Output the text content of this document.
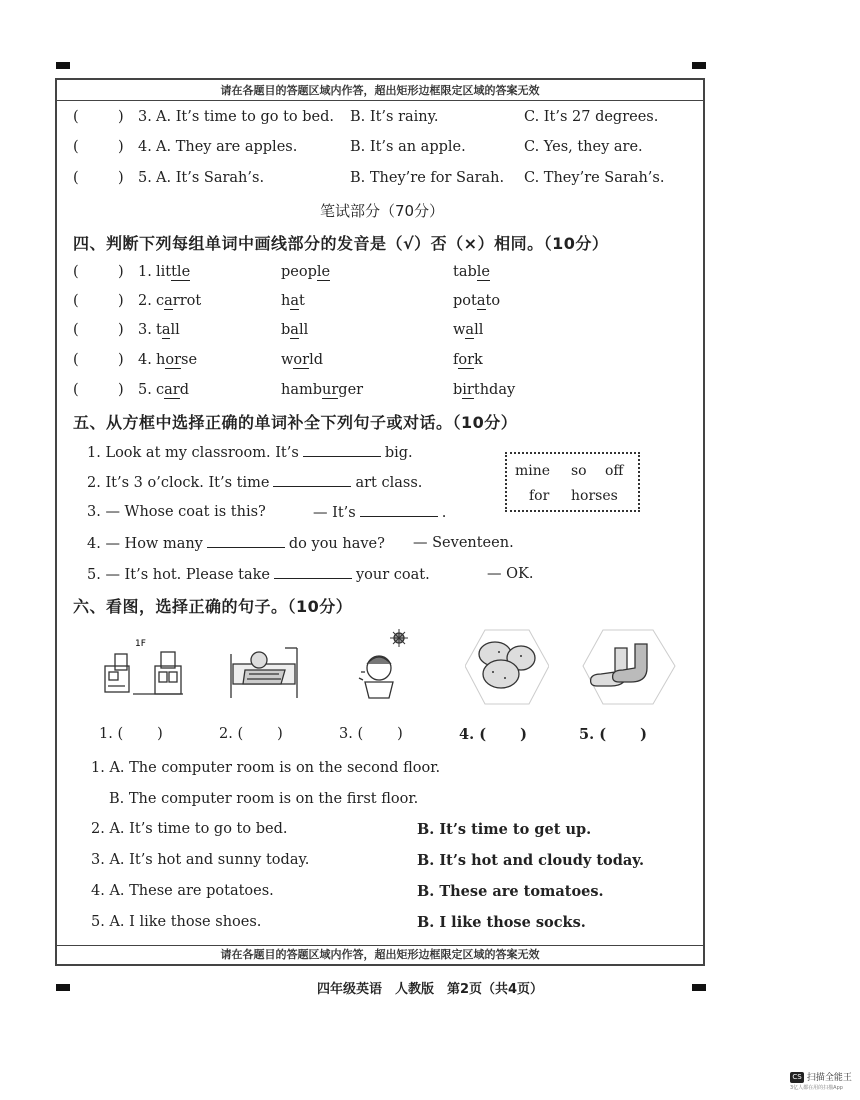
请在各题目的答题区域内作答，超出矩形边框限定区域的答案无效
(	) 3. A. It’s time to go to bed. B. It’s rainy.	C. It’s 27 degrees.
(	) 4. A. They are apples.	B. It’s an apple.	C. Yes, they are.
(	) 5. A. It’s Sarah’s.	B. They’re for Sarah. C. They’re Sarah’s.
笔试部分（70分）
四、判断下列每组单词中画线部分的发音是（√）否（×）相同。（10分）
(	) 1. little	people	table
(	) 2. carrot	hat	potato
(	) 3. tall	ball	wall
(	) 4. horse	world	fork
(	) 5. card	hamburger	birthday
五、从方框中选择正确的单词补全下列句子或对话。（10分）
1. Look at my classroom. It’s	big.
2. It’s 3 o’clock. It’s time	art class.
3. — Whose coat is this?	— It’s	.
4. — How many	do you have? — Seventeen.
5. — It’s hot. Please take	your coat.	— OK.
mine so off
for horses
六、看图，选择正确的句子。（10分）
1F
1. ( )	2. ( )	3. ( )	4. ( )	5. ( )
1. A. The computer room is on the second floor.
B. The computer room is on the first floor.
2. A. It’s time to go to bed.	B. It’s time to get up.
3. A. It’s hot and sunny today.	B. It’s hot and cloudy today.
4. A. These are potatoes.	B. These are tomatoes.
5. A. I like those shoes.	B. I like those socks.
请在各题目的答题区域内作答，超出矩形边框限定区域的答案无效
四年级英语　人教版　第2页（共4页）
CS 扫描全能王
3亿人都在用的扫描App
